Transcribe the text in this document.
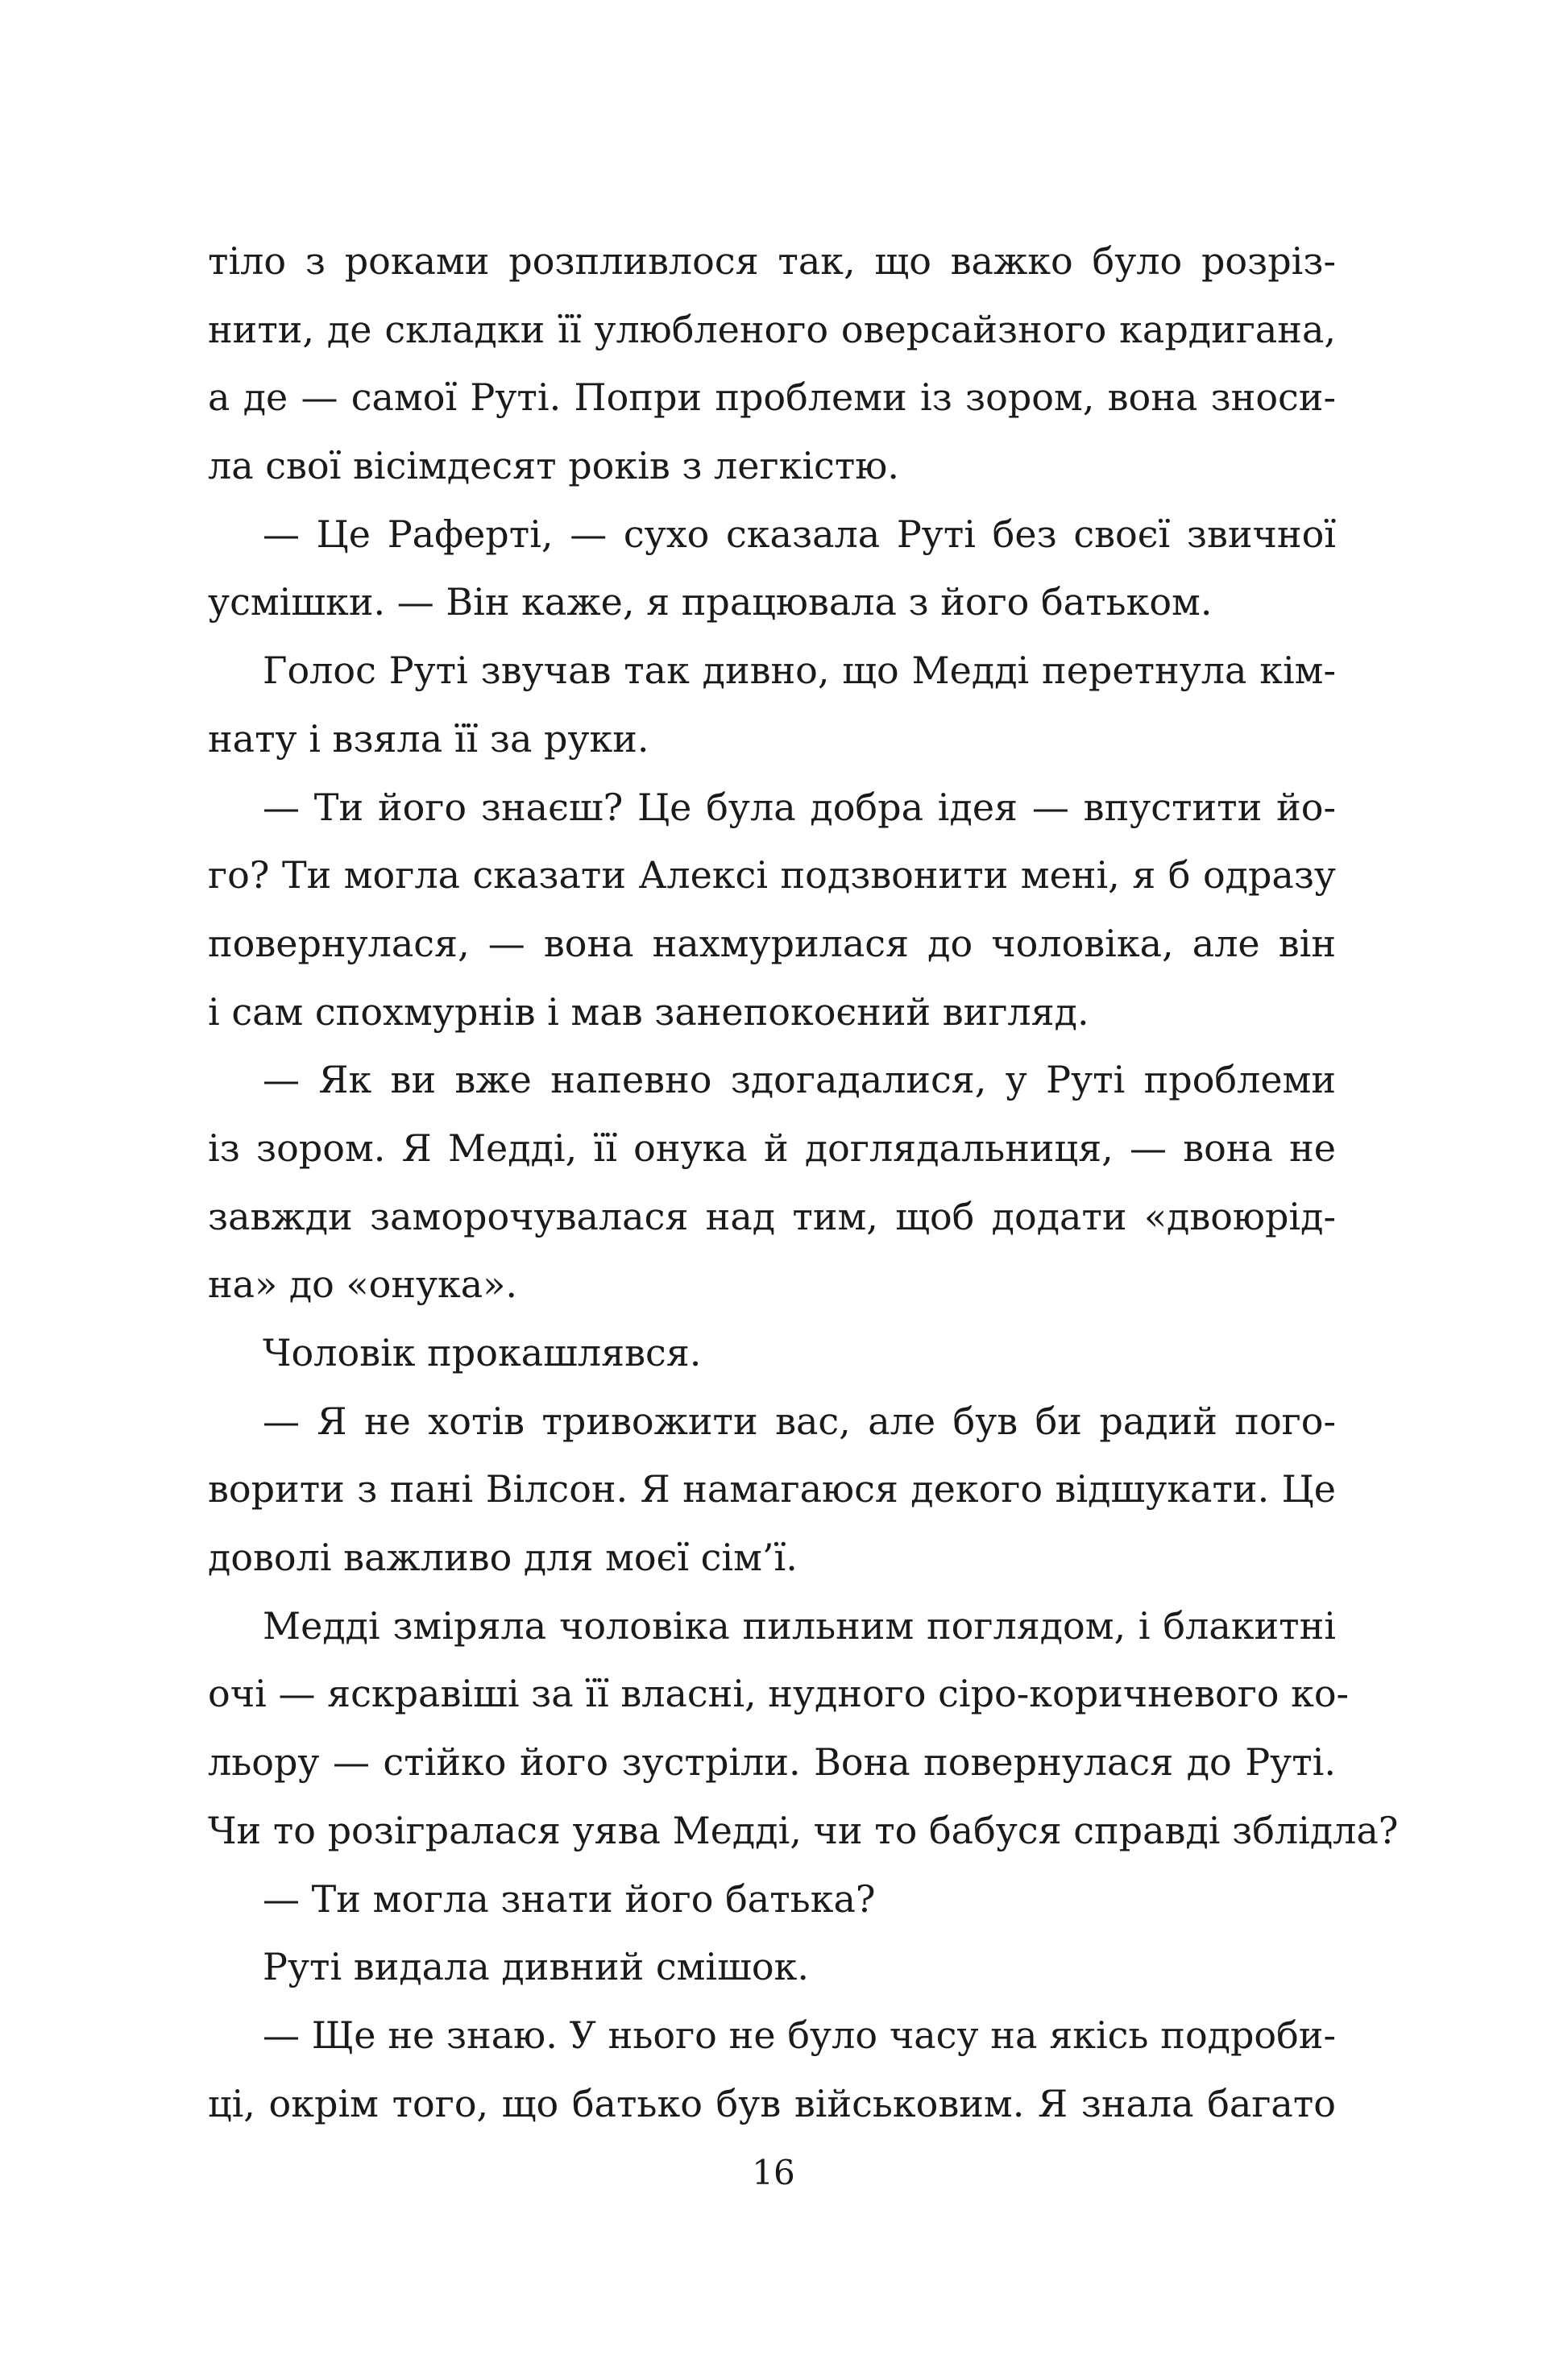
тіло з роками розпливлося так, що важко було розріз-
нити, де складки її улюбленого оверсайзного кардигана,
а де — самої Руті. Попри проблеми із зором, вона зноси-
ла свої вісімдесят років з легкістю.
— Це Раферті, — сухо сказала Руті без своєї звичної
усмішки. — Він каже, я працювала з його батьком.
Голос Руті звучав так дивно, що Медді перетнула кім-
нату і взяла її за руки.
— Ти його знаєш? Це була добра ідея — впустити йо-
го? Ти могла сказати Алексі подзвонити мені, я б одразу
повернулася, — вона нахмурилася до чоловіка, але він
і сам спохмурнів і мав занепокоєний вигляд.
— Як ви вже напевно здогадалися, у Руті проблеми
із зором. Я Медді, її онука й доглядальниця, — вона не
завжди заморочувалася над тим, щоб додати «двоюрід-
на» до «онука».
Чоловік прокашлявся.
— Я не хотів тривожити вас, але був би радий пого-
ворити з пані Вілсон. Я намагаюся декого відшукати. Це
доволі важливо для моєї сім’ї.
Медді зміряла чоловіка пильним поглядом, і блакитні
очі — яскравіші за її власні, нудного сіро-коричневого ко-
льору — стійко його зустріли. Вона повернулася до Руті.
Чи то розігралася уява Медді, чи то бабуся справді зблідла?
— Ти могла знати його батька?
Руті видала дивний смішок.
— Ще не знаю. У нього не було часу на якісь подроби-
ці, окрім того, що батько був військовим. Я знала багато
16
